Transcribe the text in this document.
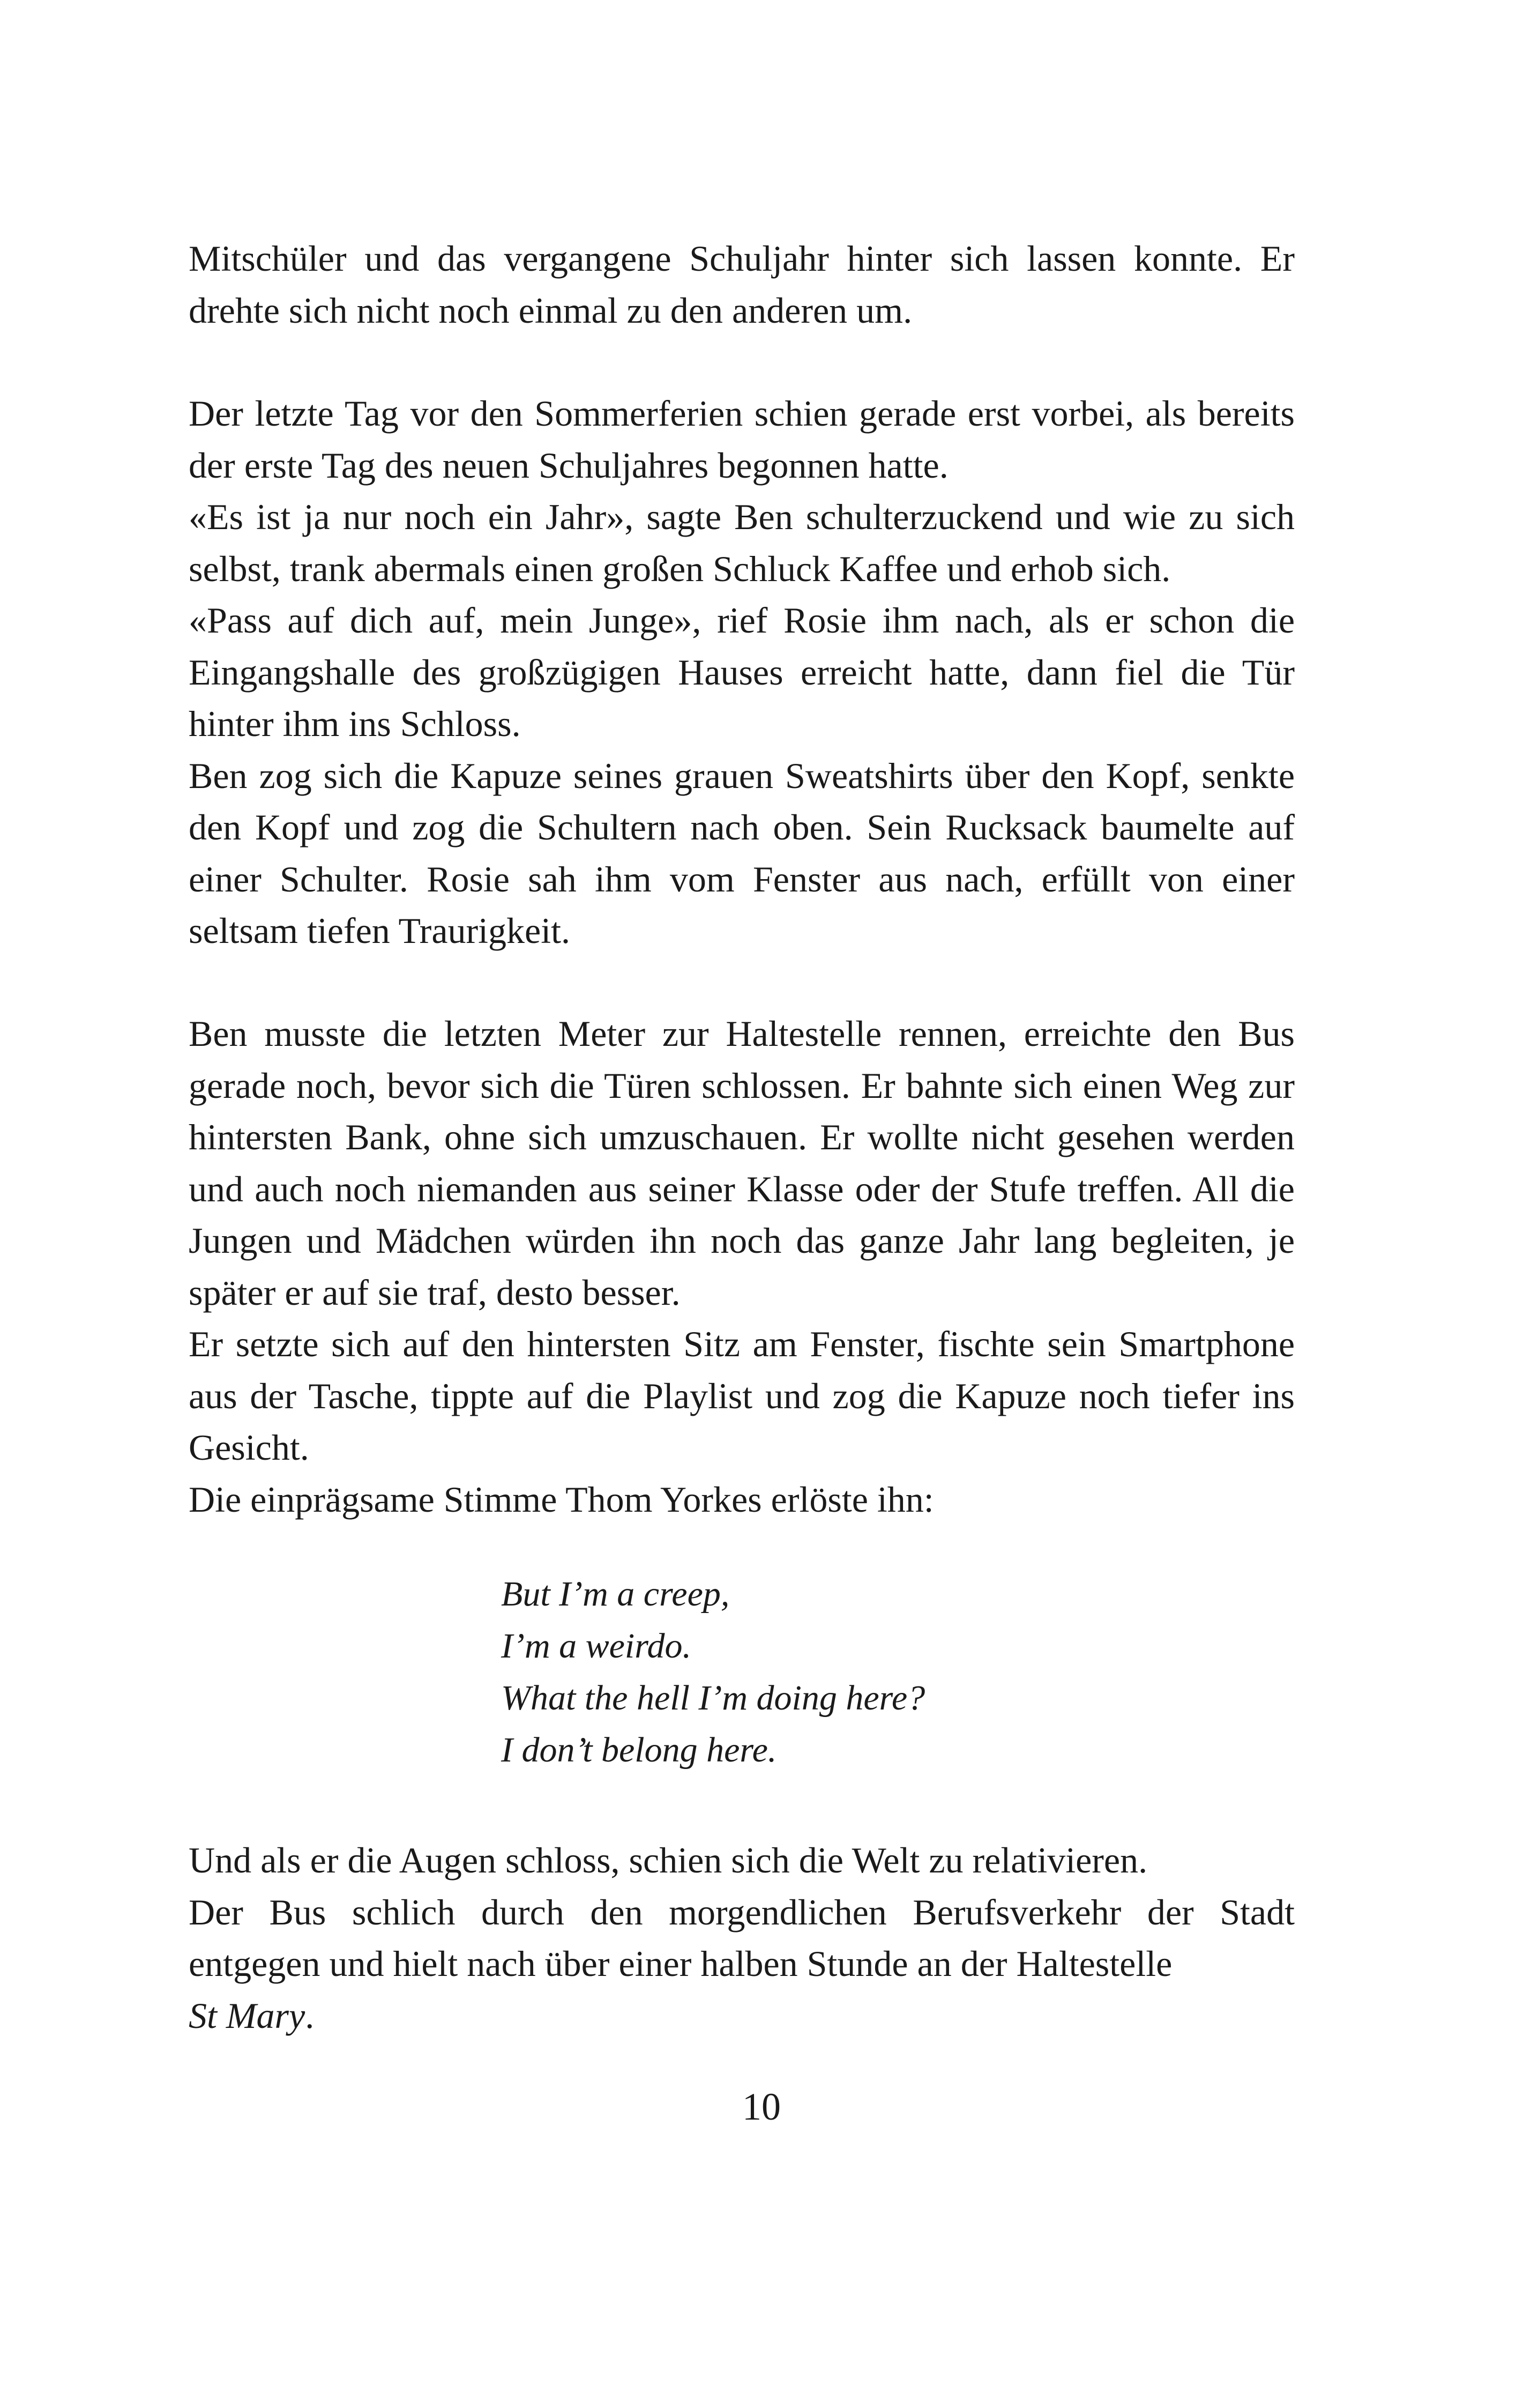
Mitschüler und das vergangene Schuljahr hinter sich lassen konnte. Er drehte sich nicht noch einmal zu den anderen um.

Der letzte Tag vor den Sommerferien schien gerade erst vorbei, als bereits der erste Tag des neuen Schuljahres begonnen hatte.

«Es ist ja nur noch ein Jahr», sagte Ben schulterzuckend und wie zu sich selbst, trank abermals einen großen Schluck Kaffee und erhob sich.

«Pass auf dich auf, mein Junge», rief Rosie ihm nach, als er schon die Eingangshalle des großzügigen Hauses erreicht hatte, dann fiel die Tür hinter ihm ins Schloss.

Ben zog sich die Kapuze seines grauen Sweatshirts über den Kopf, senkte den Kopf und zog die Schultern nach oben. Sein Rucksack baumelte auf einer Schulter. Rosie sah ihm vom Fenster aus nach, erfüllt von einer seltsam tiefen Traurigkeit.

Ben musste die letzten Meter zur Haltestelle rennen, erreichte den Bus gerade noch, bevor sich die Türen schlossen. Er bahnte sich einen Weg zur hintersten Bank, ohne sich umzuschauen. Er wollte nicht gesehen werden und auch noch niemanden aus seiner Klasse oder der Stufe treffen. All die Jungen und Mädchen würden ihn noch das ganze Jahr lang begleiten, je später er auf sie traf, desto besser.

Er setzte sich auf den hintersten Sitz am Fenster, fischte sein Smartphone aus der Tasche, tippte auf die Playlist und zog die Kapuze noch tiefer ins Gesicht.

Die einprägsame Stimme Thom Yorkes erlöste ihn:

But I’m a creep,
I’m a weirdo.
What the hell I’m doing here?
I don’t belong here.

Und als er die Augen schloss, schien sich die Welt zu relativieren.

Der Bus schlich durch den morgendlichen Berufsverkehr der Stadt entgegen und hielt nach über einer halben Stunde an der Haltestelle
St Mary.

10
